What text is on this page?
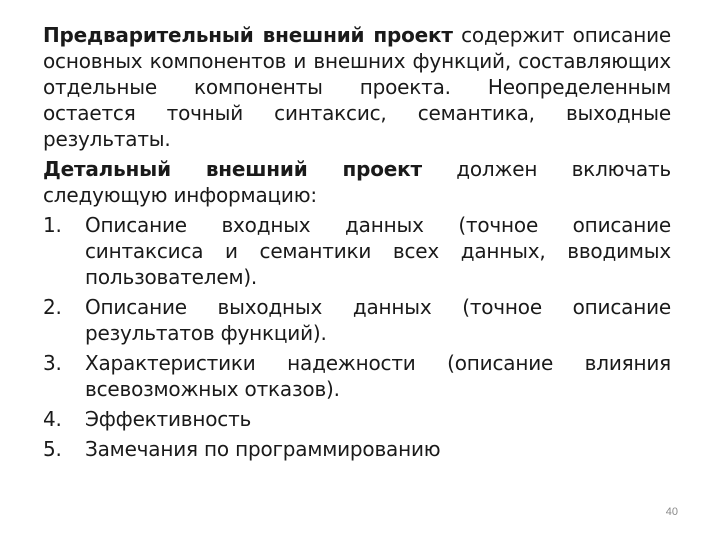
Предварительный внешний проект содержит описание основных компонентов и внешних функций, составляющих отдельные компоненты проекта. Неопределенным остается точный синтаксис, семантика, выходные результаты.

Детальный внешний проект должен включать следующую информацию:

1. Описание входных данных (точное описание синтаксиса и семантики всех данных, вводимых пользователем).
2. Описание выходных данных (точное описание результатов функций).
3. Характеристики надежности (описание влияния всевозможных отказов).
4. Эффективность
5. Замечания по программированию
40
